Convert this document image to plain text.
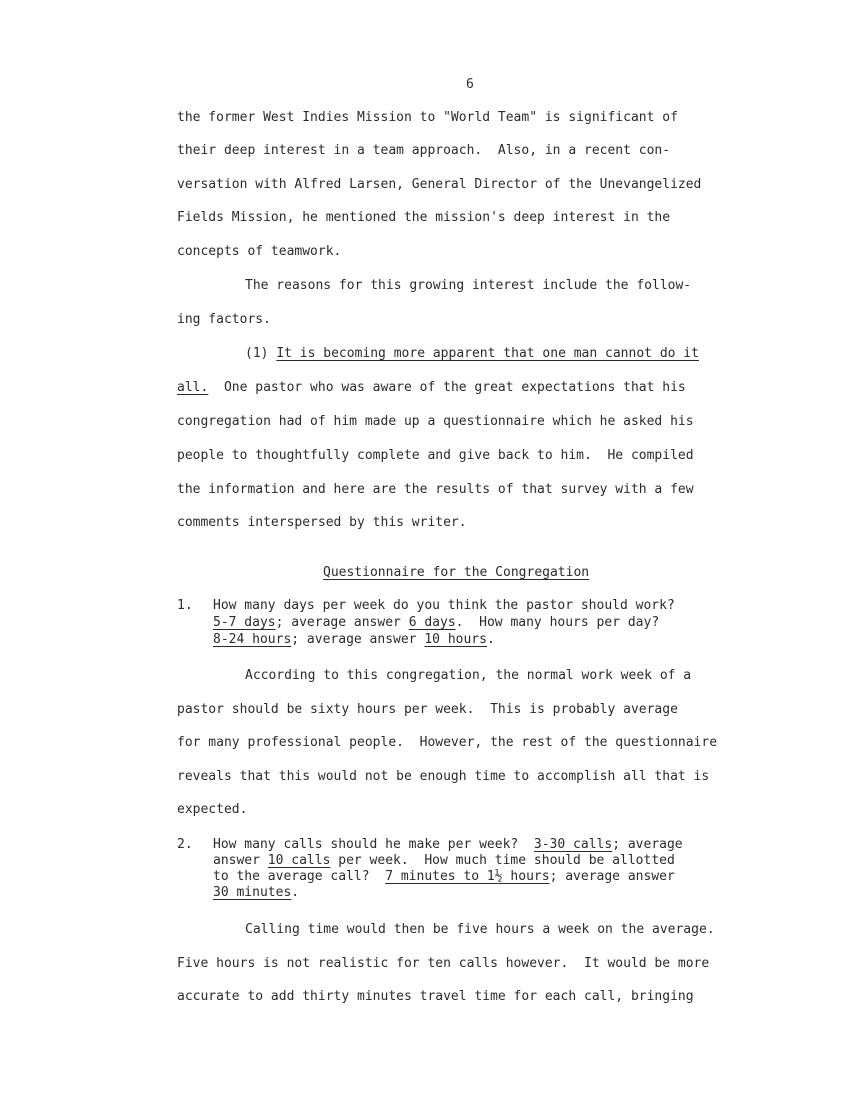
6
the former West Indies Mission to "World Team" is significant of
their deep interest in a team approach.  Also, in a recent con-
versation with Alfred Larsen, General Director of the Unevangelized
Fields Mission, he mentioned the mission's deep interest in the
concepts of teamwork.
The reasons for this growing interest include the follow-
ing factors.
(1) It is becoming more apparent that one man cannot do it
all.  One pastor who was aware of the great expectations that his
congregation had of him made up a questionnaire which he asked his
people to thoughtfully complete and give back to him.  He compiled
the information and here are the results of that survey with a few
comments interspersed by this writer.
Questionnaire for the Congregation
1. How many days per week do you think the pastor should work?
5-7 days; average answer 6 days.  How many hours per day?
8-24 hours; average answer 10 hours.
According to this congregation, the normal work week of a
pastor should be sixty hours per week.  This is probably average
for many professional people.  However, the rest of the questionnaire
reveals that this would not be enough time to accomplish all that is
expected.
2. How many calls should he make per week?  3-30 calls; average
answer 10 calls per week.  How much time should be allotted
to the average call?  7 minutes to 1½ hours; average answer
30 minutes.
Calling time would then be five hours a week on the average.
Five hours is not realistic for ten calls however.  It would be more
accurate to add thirty minutes travel time for each call, bringing
